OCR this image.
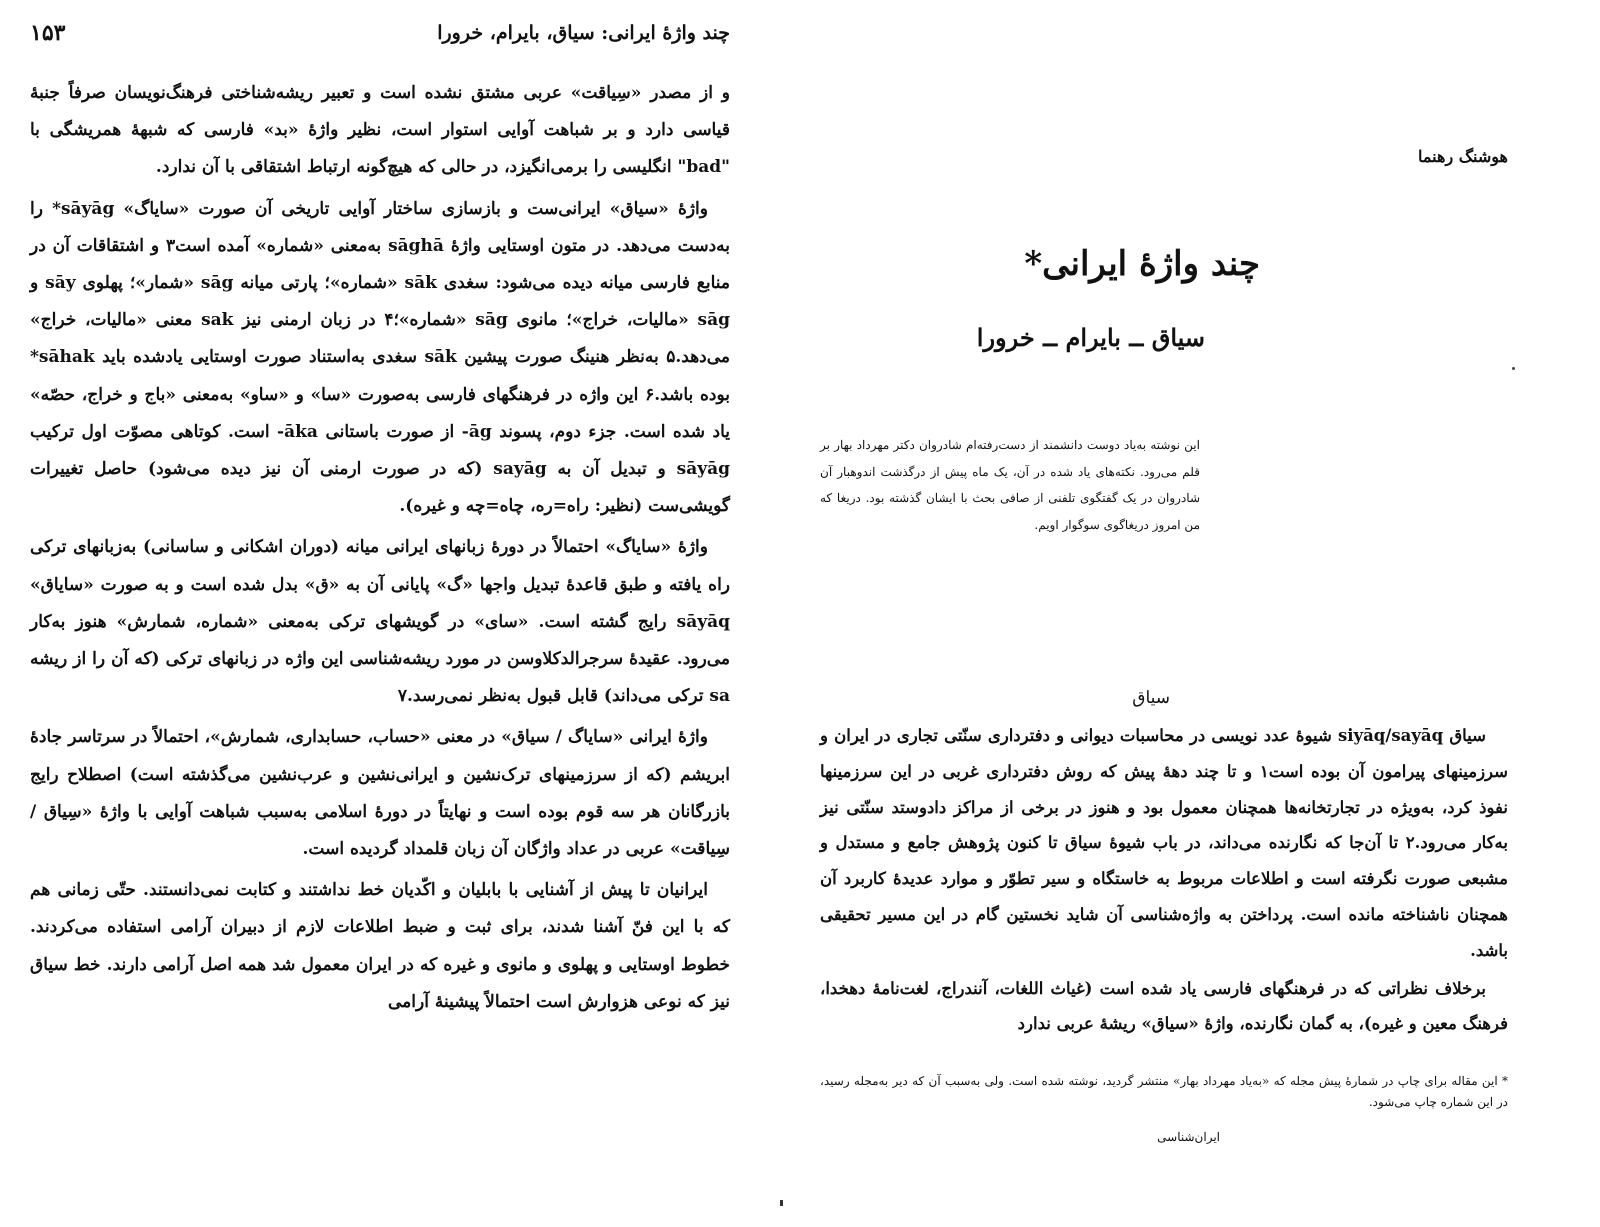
۱۵۳	چند واژهٔ ایرانی: سیاق، بایرام، خرورا

و از مصدر «سِیاقت» عربی مشتق نشده است و تعبیر ریشه‌شناختی فرهنگ‌نویسان صرفاً جنبهٔ قیاسی دارد و بر شباهت آوایی استوار است، نظیر واژهٔ «بد» فارسی که شبههٔ همریشگی با "bad" انگلیسی را برمی‌انگیزد، در حالی که هیچ‌گونه ارتباط اشتقاقی با آن ندارد.

واژهٔ «سیاق» ایرانی‌ست و بازسازی ساختار آوایی تاریخی آن صورت «سایاگ» sāyāg* را به‌دست می‌دهد. در متون اوستایی واژهٔ sāghā به‌معنی «شماره» آمده است۳ و اشتقاقات آن در منابع فارسی میانه دیده می‌شود: سغدی sāk «شماره»؛ پارتی میانه sāg «شمار»؛ پهلوی sāy و sāg «مالیات، خراج»؛ مانوی sāg «شماره»؛۴ در زبان ارمنی نیز sak معنی «مالیات، خراج» می‌دهد.۵ به‌نظر هنینگ صورت پیشین sāk سغدی به‌استناد صورت اوستایی یادشده باید sāhak* بوده باشد.۶ این واژه در فرهنگهای فارسی به‌صورت «سا» و «ساو» به‌معنی «باج و خراج، حصّه» یاد شده است. جزء دوم، پسوند āg- از صورت باستانی āka- است. کوتاهی مصوّت اول ترکیب sāyāg و تبدیل آن به sayāg (که در صورت ارمنی آن نیز دیده می‌شود) حاصل تغییرات گویشی‌ست (نظیر: راه=ره، چاه=چه و غیره).

واژهٔ «سایاگ» احتمالاً در دورهٔ زبانهای ایرانی میانه (دوران اشکانی و ساسانی) به‌زبانهای ترکی راه یافته و طبق قاعدهٔ تبدیل واجها «گ» پایانی آن به «ق» بدل شده است و به صورت «سایاق» sāyāq رایج گشته است. «سای» در گویشهای ترکی به‌معنی «شماره، شمارش» هنوز به‌کار می‌رود. عقیدهٔ سرجرالدکلاوسن در مورد ریشه‌شناسی این واژه در زبانهای ترکی (که آن را از ریشه sa ترکی می‌داند) قابل قبول به‌نظر نمی‌رسد.۷

واژهٔ ایرانی «سایاگ / سیاق» در معنی «حساب، حسابداری، شمارش»، احتمالاً در سرتاسر جادهٔ ابریشم (که از سرزمینهای ترک‌نشین و ایرانی‌نشین و عرب‌نشین می‌گذشته است) اصطلاح رایج بازرگانان هر سه قوم بوده است و نهایتاً در دورهٔ اسلامی به‌سبب شباهت آوایی با واژهٔ «سِیاق / سِیاقت» عربی در عداد واژگان آن زبان قلمداد گردیده است.

ایرانیان تا پیش از آشنایی با بابلیان و اکّدیان خط نداشتند و کتابت نمی‌دانستند. حتّی زمانی هم که با این فنّ آشنا شدند، برای ثبت و ضبط اطلاعات لازم از دبیران آرامی استفاده می‌کردند. خطوط اوستایی و پهلوی و مانوی و غیره که در ایران معمول شد همه اصل آرامی دارند. خط سیاق نیز که نوعی هزوارش است احتمالاً پیشینهٔ آرامی

هوشنگ رهنما
چند واژهٔ ایرانی*
سیاق ــ بایرام ــ خرورا
این نوشته به‌یاد دوست دانشمند از دست‌رفته‌ام شادروان دکتر مهرداد بهار بر قلم می‌رود. نکته‌های یاد شده در آن، یک ماه پیش از درگذشت اندوهبار آن شادروان در یک گفتگوی تلفنی از صافی بحث با ایشان گذشته بود. دریغا که من امروز دریغاگوی سوگوار اویم.
سیاق

سیاق siyāq/sayāq شیوهٔ عدد نویسی در محاسبات دیوانی و دفترداری سنّتی تجاری در ایران و سرزمینهای پیرامون آن بوده است۱ و تا چند دههٔ پیش که روش دفترداری غربی در این سرزمینها نفوذ کرد، به‌ویژه در تجارتخانه‌ها همچنان معمول بود و هنوز در برخی از مراکز دادوستد سنّتی نیز به‌کار می‌رود.۲ تا آن‌جا که نگارنده می‌داند، در باب شیوهٔ سیاق تا کنون پژوهش جامع و مستدل و مشبعی صورت نگرفته است و اطلاعات مربوط به خاستگاه و سیر تطوّر و موارد عدیدهٔ کاربرد آن همچنان ناشناخته مانده است. پرداختن به واژه‌شناسی آن شاید نخستین گام در این مسیر تحقیقی باشد.

برخلاف نظراتی که در فرهنگهای فارسی یاد شده است (غیاث اللغات، آنندراج، لغت‌نامهٔ دهخدا، فرهنگ معین و غیره)، به گمان نگارنده، واژهٔ «سیاق» ریشهٔ عربی ندارد

* این مقاله برای چاپ در شمارهٔ پیش مجله که «به‌یاد مهرداد بهار» منتشر گردید، نوشته شده است. ولی به‌سبب آن که دیر به‌مجله رسید، در این شماره چاپ می‌شود.
ایران‌شناسی
